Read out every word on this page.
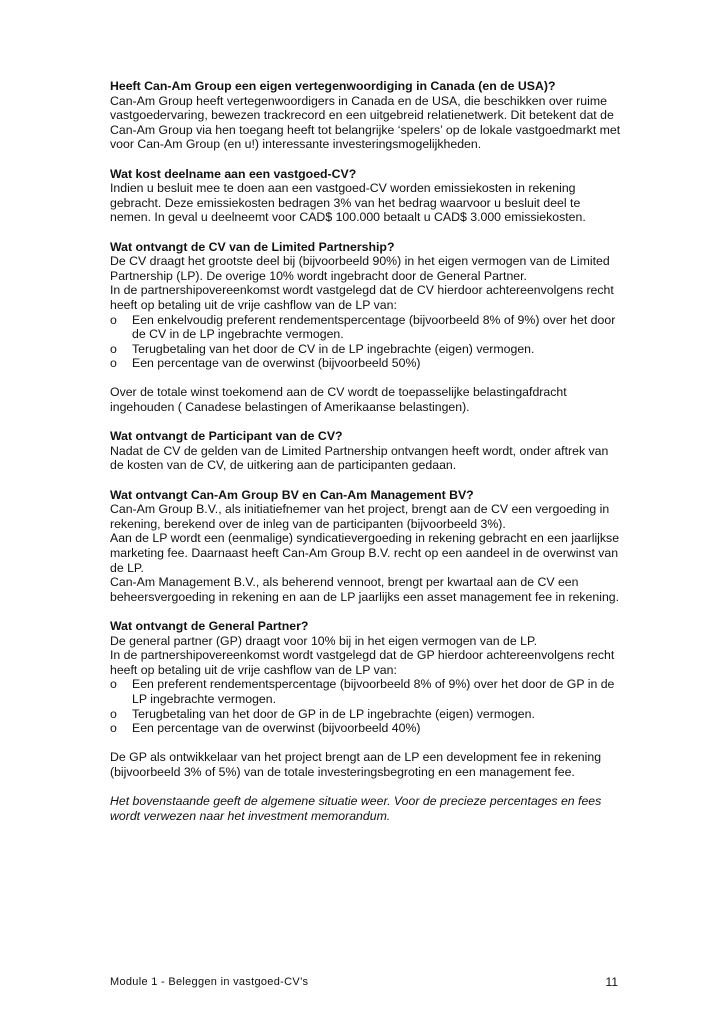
Heeft Can-Am Group een eigen vertegenwoordiging in Canada (en de USA)?
Can-Am Group heeft vertegenwoordigers in Canada en de USA, die beschikken over ruime vastgoedervaring, bewezen trackrecord en een uitgebreid relatienetwerk. Dit betekent dat de Can-Am Group via hen toegang heeft tot belangrijke ‘spelers’ op de lokale vastgoedmarkt met voor Can-Am Group (en u!) interessante investeringsmogelijkheden.
Wat kost deelname aan een vastgoed-CV?
Indien u besluit mee te doen aan een vastgoed-CV worden emissiekosten in rekening gebracht. Deze emissiekosten bedragen 3% van het bedrag waarvoor u besluit deel te nemen. In geval u deelneemt voor CAD$ 100.000 betaalt u CAD$ 3.000 emissiekosten.
Wat ontvangt de CV van de Limited Partnership?
De CV draagt het grootste deel bij (bijvoorbeeld 90%) in het eigen vermogen van de Limited Partnership (LP). De overige 10% wordt ingebracht door de General Partner.
In de partnershipovereenkomst wordt vastgelegd dat de CV hierdoor achtereenvolgens recht heeft op betaling uit de vrije cashflow van de LP van:
o Een enkelvoudig preferent rendementspercentage (bijvoorbeeld 8% of 9%) over het door de CV in de LP ingebrachte vermogen.
o Terugbetaling van het door de CV in de LP ingebrachte (eigen) vermogen.
o Een percentage van de overwinst (bijvoorbeeld 50%)
Over de totale winst toekomend aan de CV wordt de toepasselijke belastingafdracht ingehouden ( Canadese belastingen of Amerikaanse belastingen).
Wat ontvangt de Participant van de CV?
Nadat de CV de gelden van de Limited Partnership ontvangen heeft wordt, onder aftrek van de kosten van de CV, de uitkering aan de participanten gedaan.
Wat ontvangt Can-Am Group BV en Can-Am Management BV?
Can-Am Group B.V., als initiatiefnemer van het project, brengt aan de CV een vergoeding in rekening, berekend over de inleg van de participanten (bijvoorbeeld 3%).
Aan de LP wordt een (eenmalige) syndicatievergoeding in rekening gebracht en een jaarlijkse marketing fee. Daarnaast heeft Can-Am Group B.V. recht op een aandeel in de overwinst van de LP.
Can-Am Management B.V., als beherend vennoot, brengt per kwartaal aan de CV een beheersvergoeding in rekening en aan de LP jaarlijks een asset management fee in rekening.
Wat ontvangt de General Partner?
De general partner (GP) draagt voor 10% bij in het eigen vermogen van de LP.
In de partnershipovereenkomst wordt vastgelegd dat de GP hierdoor achtereenvolgens recht heeft op betaling uit de vrije cashflow van de LP van:
o Een preferent rendementspercentage (bijvoorbeeld 8% of 9%) over het door de GP in de LP ingebrachte vermogen.
o Terugbetaling van het door de GP in de LP ingebrachte (eigen) vermogen.
o Een percentage van de overwinst (bijvoorbeeld 40%)
De GP als ontwikkelaar van het project brengt aan de LP een development fee in rekening (bijvoorbeeld 3% of 5%) van de totale investeringsbegroting en een management fee.
Het bovenstaande geeft de algemene situatie weer. Voor de precieze percentages en fees wordt verwezen naar het investment memorandum.
Module 1 - Beleggen in vastgoed-CV’s	11
